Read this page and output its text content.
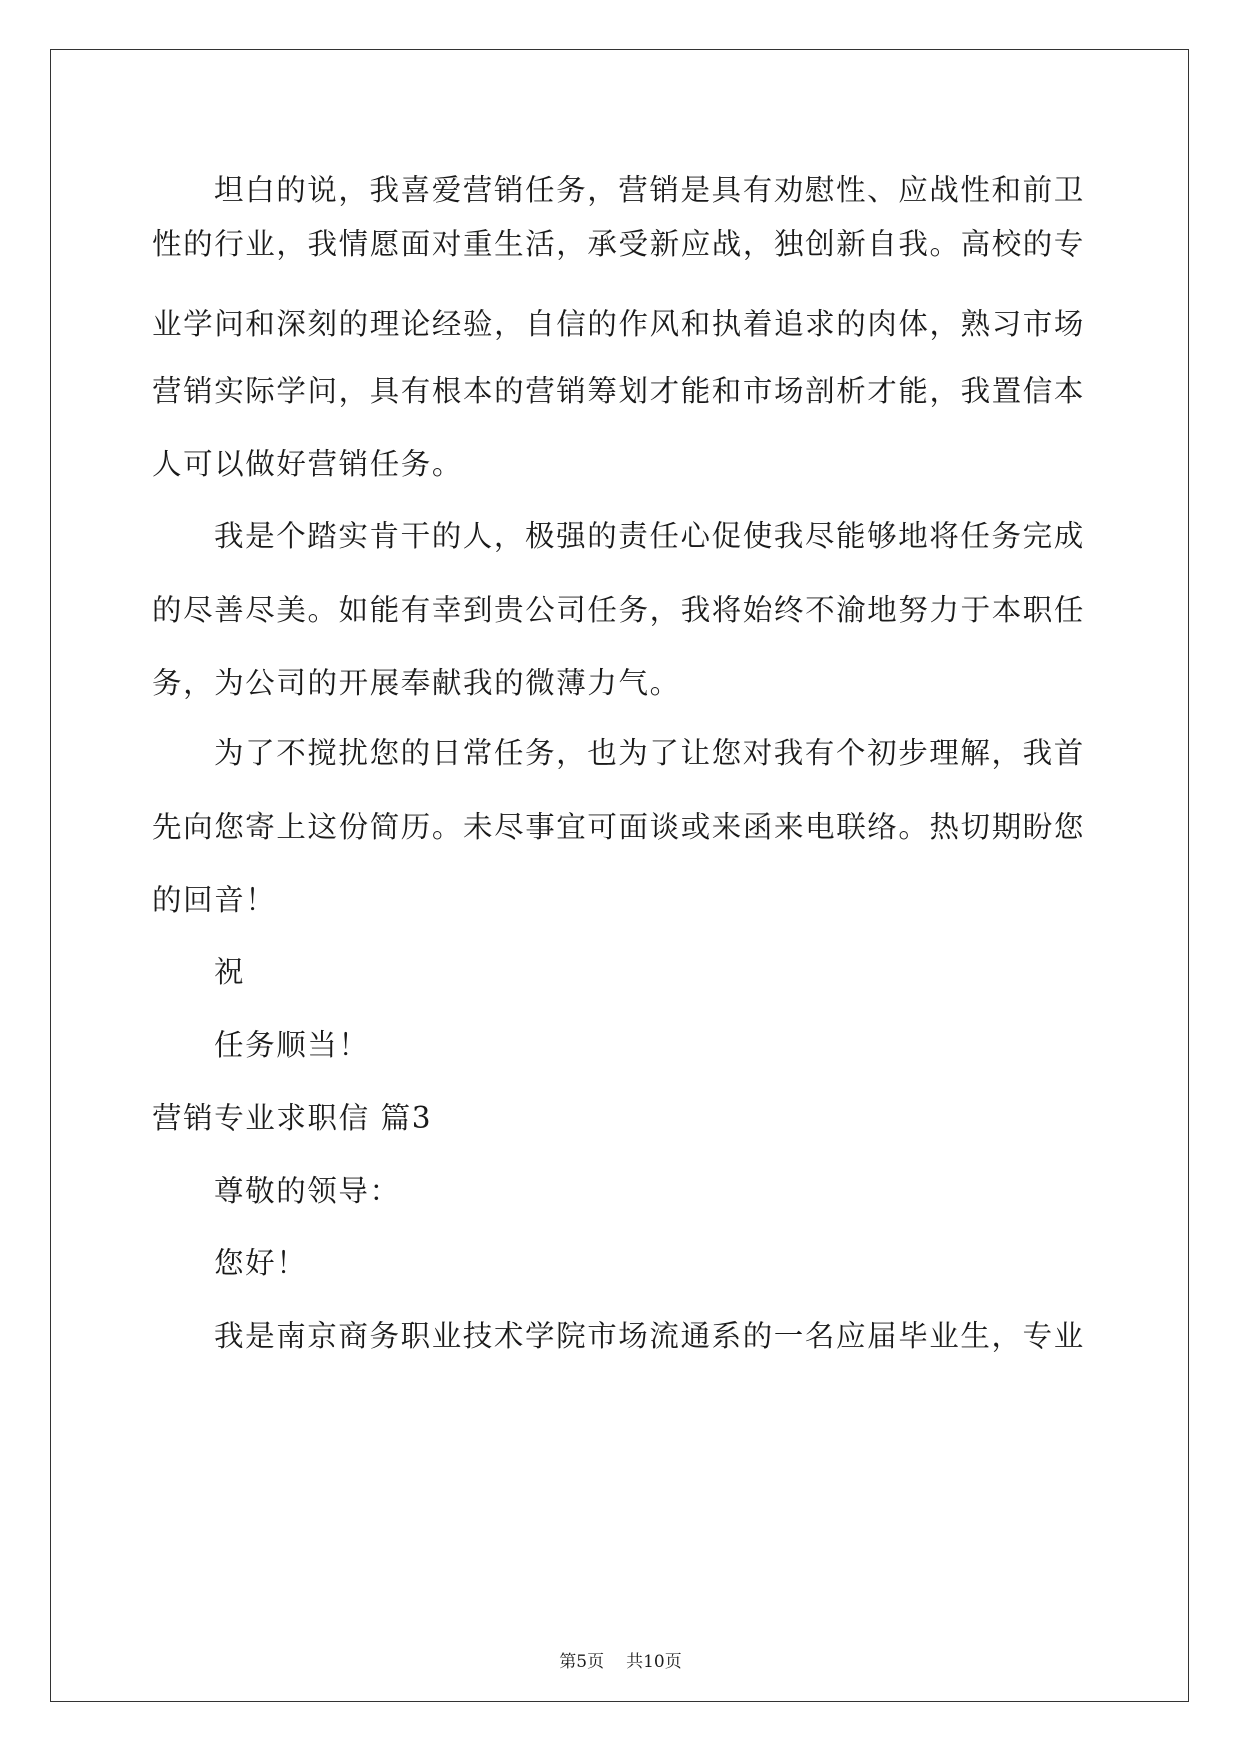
坦白的说，我喜爱营销任务，营销是具有劝慰性、应战性和前卫
性的行业，我情愿面对重生活，承受新应战，独创新自我。高校的专
业学问和深刻的理论经验，自信的作风和执着追求的肉体，熟习市场
营销实际学问，具有根本的营销筹划才能和市场剖析才能，我置信本
人可以做好营销任务。
我是个踏实肯干的人，极强的责任心促使我尽能够地将任务完成
的尽善尽美。如能有幸到贵公司任务，我将始终不渝地努力于本职任
务，为公司的开展奉献我的微薄力气。
为了不搅扰您的日常任务，也为了让您对我有个初步理解，我首
先向您寄上这份简历。未尽事宜可面谈或来函来电联络。热切期盼您
的回音！
祝
任务顺当！
营销专业求职信 篇3
尊敬的领导：
您好！
我是南京商务职业技术学院市场流通系的一名应届毕业生，专业
第5页 共10页
